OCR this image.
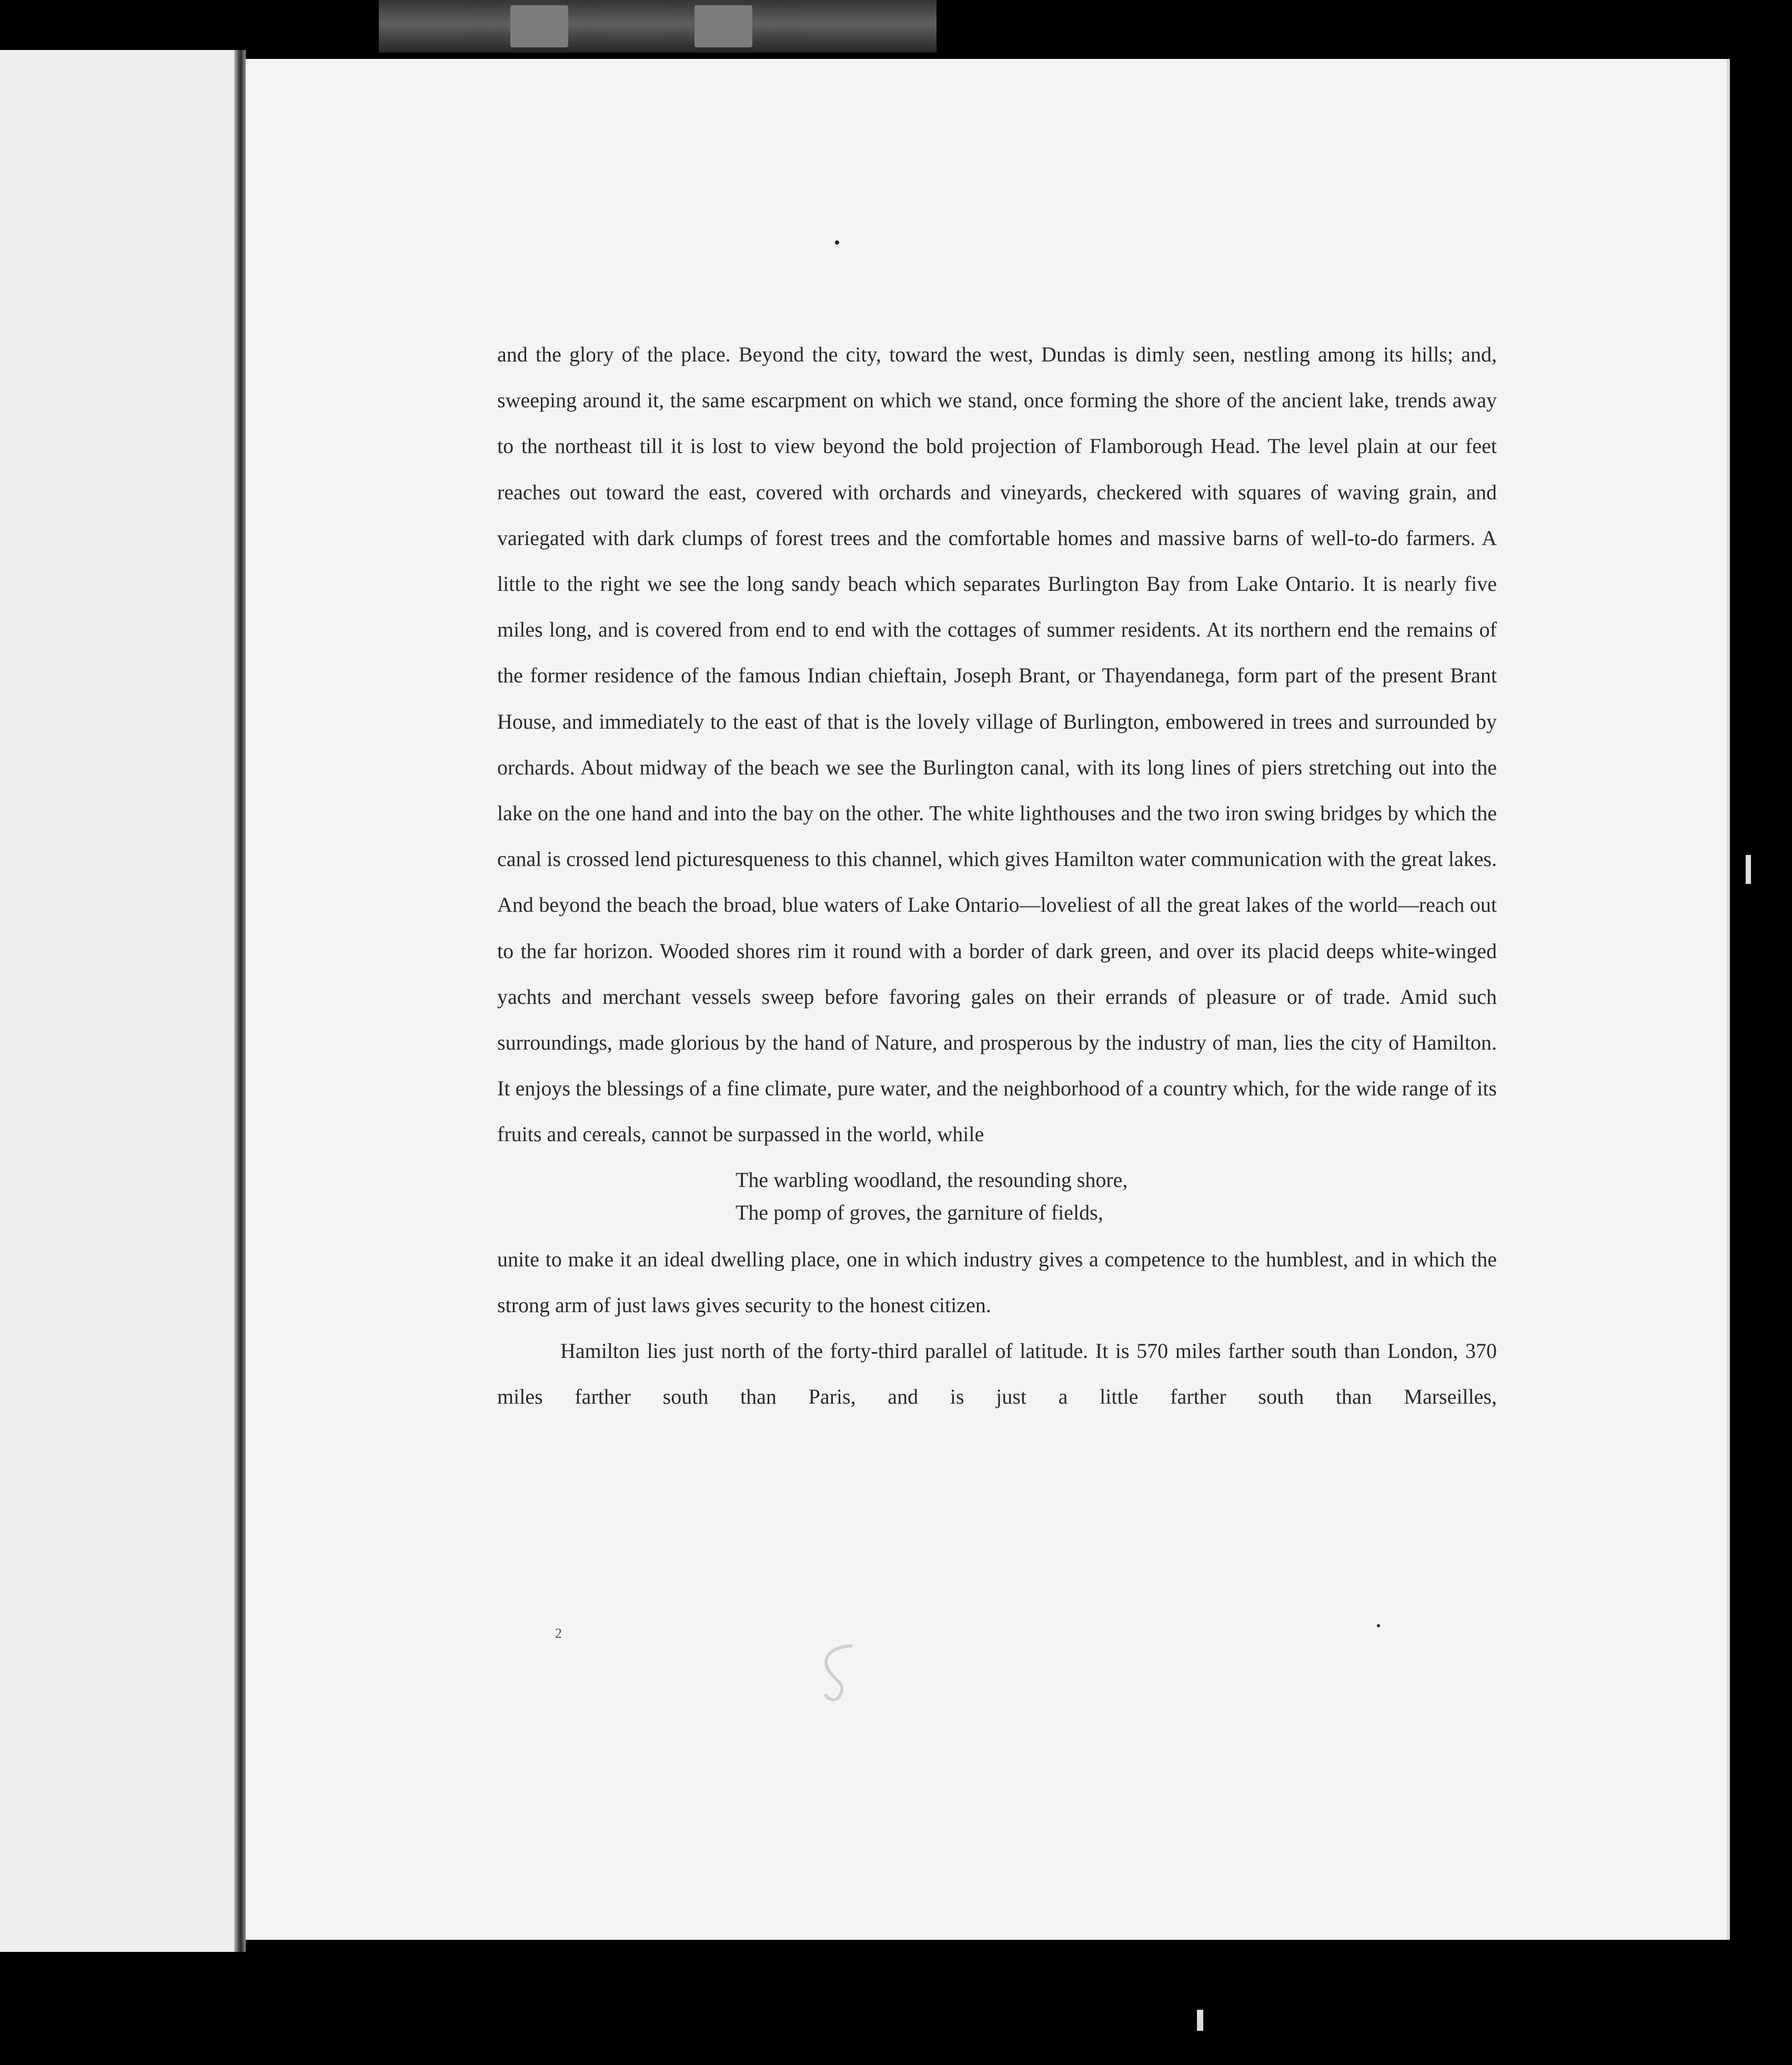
and the glory of the place. Beyond the city, toward the west, Dundas is dimly seen, nestling among its hills; and, sweeping around it, the same escarpment on which we stand, once forming the shore of the ancient lake, trends away to the northeast till it is lost to view beyond the bold projection of Flamborough Head. The level plain at our feet reaches out toward the east, covered with orchards and vineyards, checkered with squares of waving grain, and variegated with dark clumps of forest trees and the comfortable homes and massive barns of well-to-do farmers. A little to the right we see the long sandy beach which separates Burlington Bay from Lake Ontario. It is nearly five miles long, and is covered from end to end with the cottages of summer residents. At its northern end the remains of the former residence of the famous Indian chieftain, Joseph Brant, or Thayendanega, form part of the present Brant House, and immediately to the east of that is the lovely village of Burlington, embowered in trees and surrounded by orchards. About midway of the beach we see the Burlington canal, with its long lines of piers stretching out into the lake on the one hand and into the bay on the other. The white lighthouses and the two iron swing bridges by which the canal is crossed lend picturesqueness to this channel, which gives Hamilton water communication with the great lakes. And beyond the beach the broad, blue waters of Lake Ontario—loveliest of all the great lakes of the world—reach out to the far horizon. Wooded shores rim it round with a border of dark green, and over its placid deeps white-winged yachts and merchant vessels sweep before favoring gales on their errands of pleasure or of trade. Amid such surroundings, made glorious by the hand of Nature, and prosperous by the industry of man, lies the city of Hamilton. It enjoys the blessings of a fine climate, pure water, and the neighborhood of a country which, for the wide range of its fruits and cereals, cannot be surpassed in the world, while

The warbling woodland, the resounding shore,
The pomp of groves, the garniture of fields,

unite to make it an ideal dwelling place, one in which industry gives a competence to the humblest, and in which the strong arm of just laws gives security to the honest citizen.

Hamilton lies just north of the forty-third parallel of latitude. It is 570 miles farther south than London, 370 miles farther south than Paris, and is just a little farther south than Marseilles,

2
